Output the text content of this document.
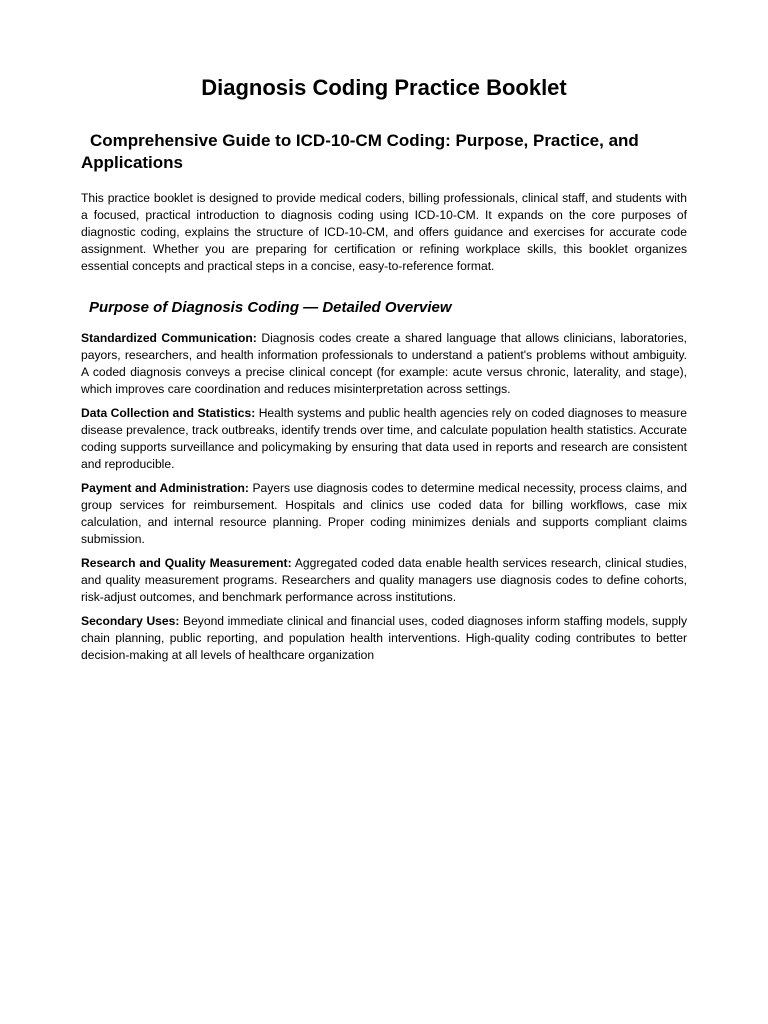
Diagnosis Coding Practice Booklet
Comprehensive Guide to ICD-10-CM Coding: Purpose, Practice, and Applications

This practice booklet is designed to provide medical coders, billing professionals, clinical staff, and students with a focused, practical introduction to diagnosis coding using ICD-10-CM. It expands on the core purposes of diagnostic coding, explains the structure of ICD-10-CM, and offers guidance and exercises for accurate code assignment. Whether you are preparing for certification or refining workplace skills, this booklet organizes essential concepts and practical steps in a concise, easy-to-reference format.

Purpose of Diagnosis Coding — Detailed Overview

Standardized Communication: Diagnosis codes create a shared language that allows clinicians, laboratories, payors, researchers, and health information professionals to understand a patient's problems without ambiguity. A coded diagnosis conveys a precise clinical concept (for example: acute versus chronic, laterality, and stage), which improves care coordination and reduces misinterpretation across settings.

Data Collection and Statistics: Health systems and public health agencies rely on coded diagnoses to measure disease prevalence, track outbreaks, identify trends over time, and calculate population health statistics. Accurate coding supports surveillance and policymaking by ensuring that data used in reports and research are consistent and reproducible.

Payment and Administration: Payers use diagnosis codes to determine medical necessity, process claims, and group services for reimbursement. Hospitals and clinics use coded data for billing workflows, case mix calculation, and internal resource planning. Proper coding minimizes denials and supports compliant claims submission.

Research and Quality Measurement: Aggregated coded data enable health services research, clinical studies, and quality measurement programs. Researchers and quality managers use diagnosis codes to define cohorts, risk-adjust outcomes, and benchmark performance across institutions.

Secondary Uses: Beyond immediate clinical and financial uses, coded diagnoses inform staffing models, supply chain planning, public reporting, and population health interventions. High-quality coding contributes to better decision-making at all levels of healthcare organization
